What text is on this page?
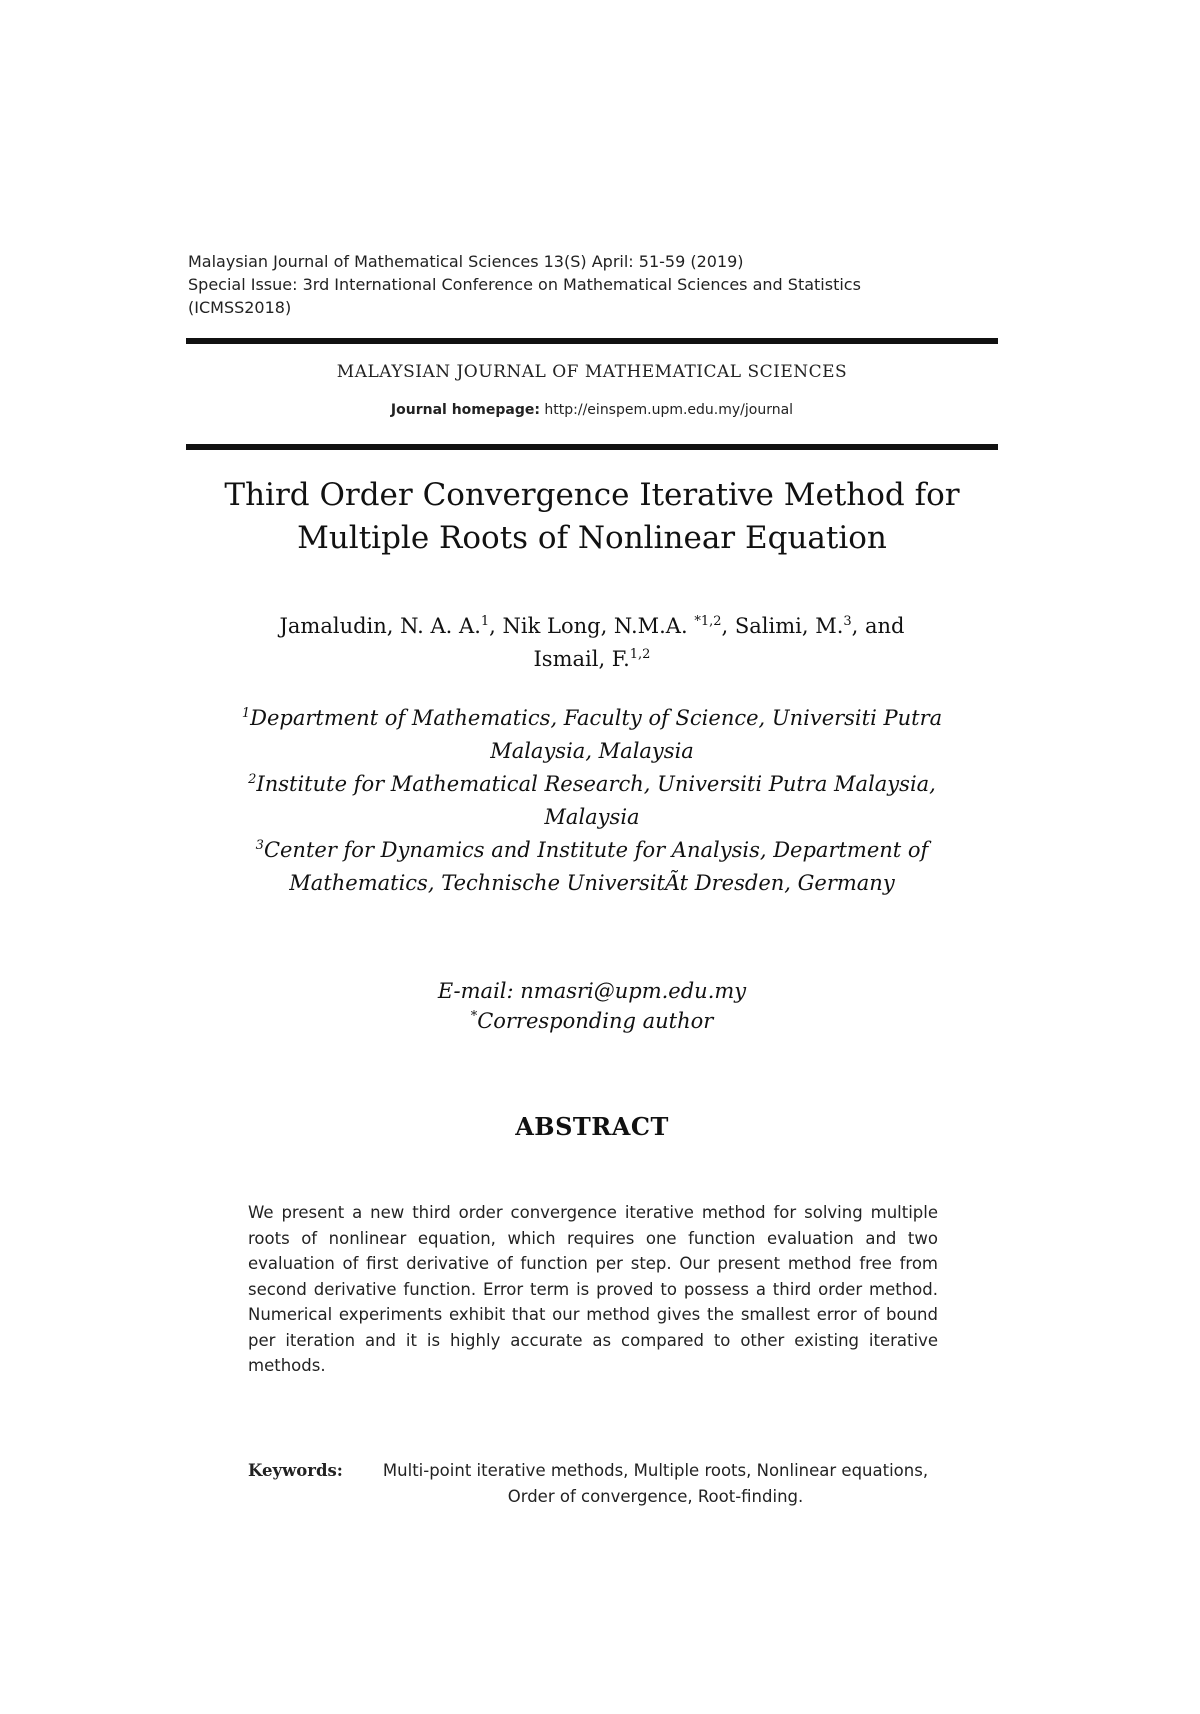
Malaysian Journal of Mathematical Sciences 13(S) April: 51-59 (2019)
Special Issue: 3rd International Conference on Mathematical Sciences and Statistics
(ICMSS2018)
MALAYSIAN JOURNAL OF MATHEMATICAL SCIENCES
Journal homepage: http://einspem.upm.edu.my/journal
Third Order Convergence Iterative Method for
Multiple Roots of Nonlinear Equation
Jamaludin, N. A. A.$^1$, Nik Long, N.M.A. $^{*1,2}$, Salimi, M.$^3$, and
Ismail, F.$^{1,2}$
$^1$Department of Mathematics, Faculty of Science, Universiti Putra
Malaysia, Malaysia
$^2$Institute for Mathematical Research, Universiti Putra Malaysia,
Malaysia
$^3$Center for Dynamics and Institute for Analysis, Department of
Mathematics, Technische UniversitÃt Dresden, Germany
E-mail: nmasri@upm.edu.my
*Corresponding author
ABSTRACT
We present a new third order convergence iterative method for solving multiple roots of nonlinear equation, which requires one function evaluation and two evaluation of first derivative of function per step. Our present method free from second derivative function. Error term is proved to possess a third order method. Numerical experiments exhibit that our method gives the smallest error of bound per iteration and it is highly accurate as compared to other existing iterative methods.
Keywords:	Multi-point iterative methods, Multiple roots, Nonlinear equations, Order of convergence, Root-finding.
